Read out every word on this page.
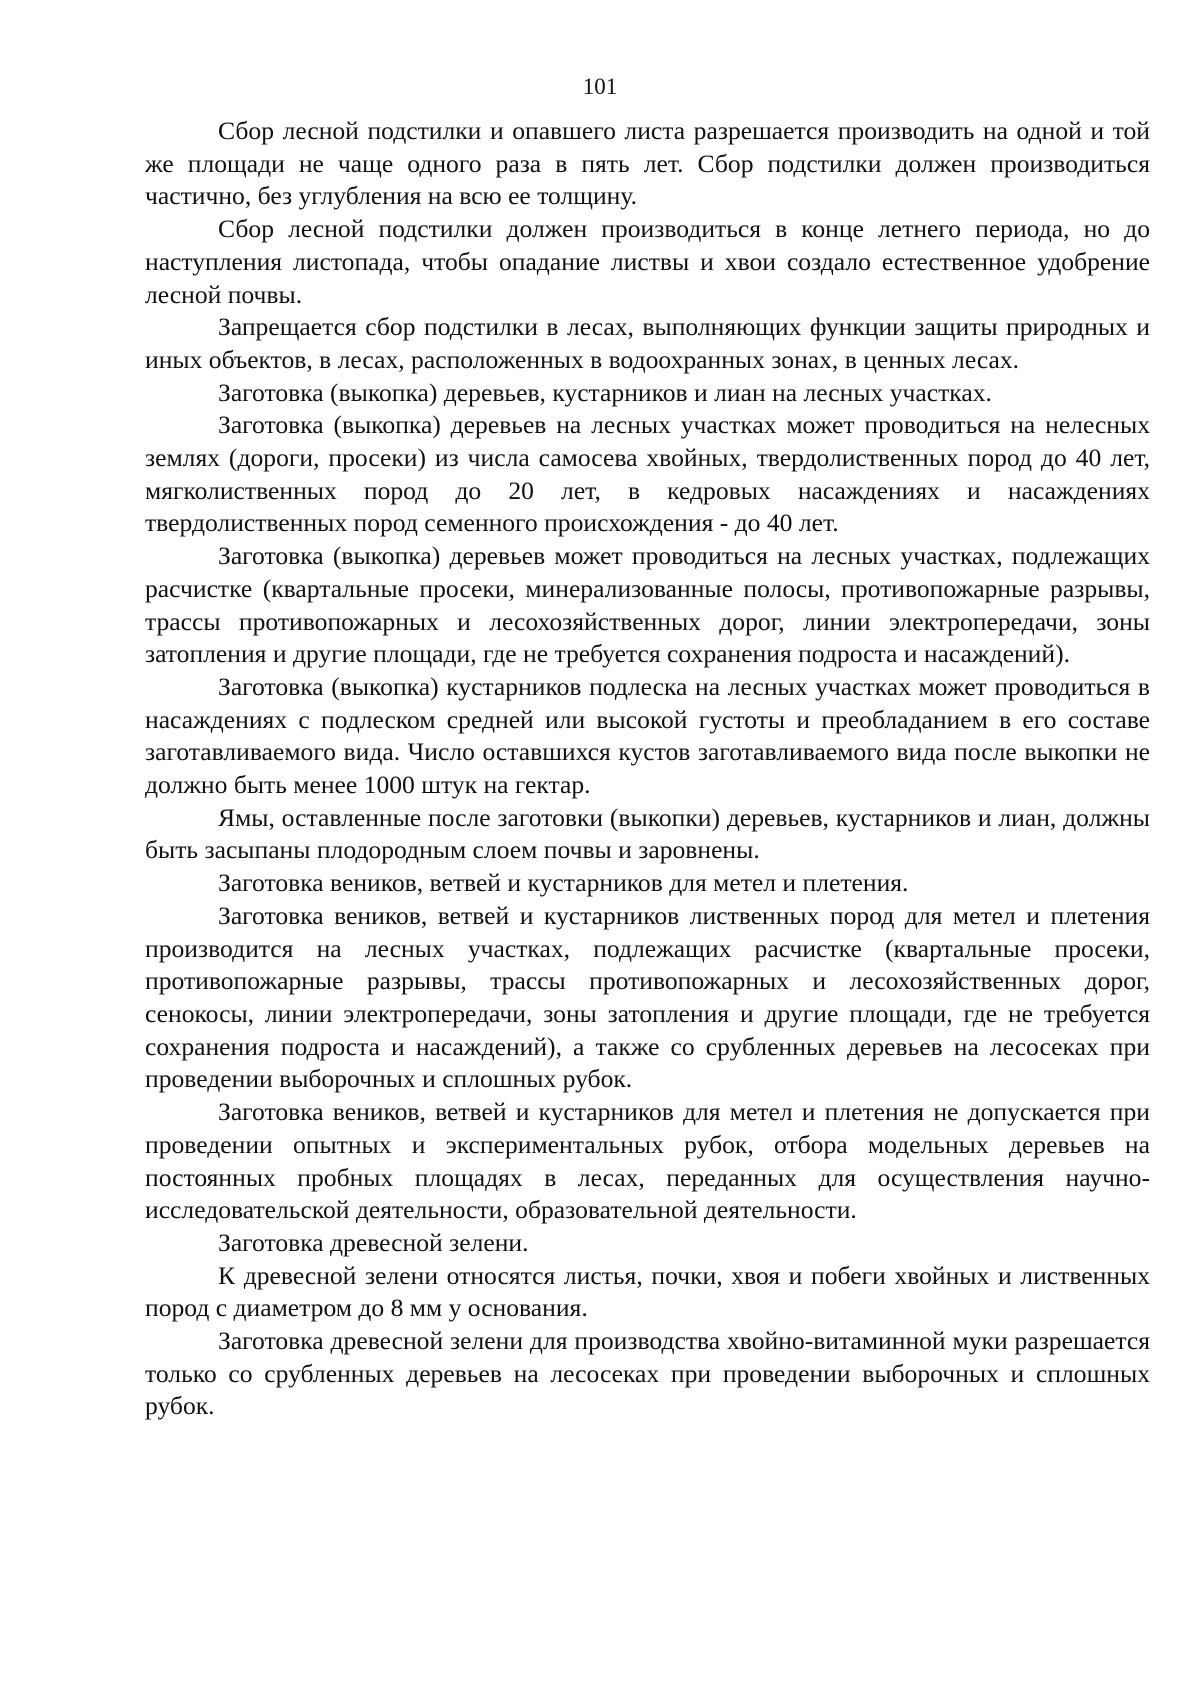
101

Сбор лесной подстилки и опавшего листа разрешается производить на одной и той же площади не чаще одного раза в пять лет. Сбор подстилки должен производиться частично, без углубления на всю ее толщину.

Сбор лесной подстилки должен производиться в конце летнего периода, но до наступления листопада, чтобы опадание листвы и хвои создало естественное удобрение лесной почвы.

Запрещается сбор подстилки в лесах, выполняющих функции защиты природных и иных объектов, в лесах, расположенных в водоохранных зонах, в ценных лесах.

Заготовка (выкопка) деревьев, кустарников и лиан на лесных участках.

Заготовка (выкопка) деревьев на лесных участках может проводиться на нелесных землях (дороги, просеки) из числа самосева хвойных, твердолиственных пород до 40 лет, мягколиственных пород до 20 лет, в кедровых насаждениях и насаждениях твердолиственных пород семенного происхождения - до 40 лет.

Заготовка (выкопка) деревьев может проводиться на лесных участках, подлежащих расчистке (квартальные просеки, минерализованные полосы, противопожарные разрывы, трассы противопожарных и лесохозяйственных дорог, линии электропередачи, зоны затопления и другие площади, где не требуется сохранения подроста и насаждений).

Заготовка (выкопка) кустарников подлеска на лесных участках может проводиться в насаждениях с подлеском средней или высокой густоты и преобладанием в его составе заготавливаемого вида. Число оставшихся кустов заготавливаемого вида после выкопки не должно быть менее 1000 штук на гектар.

Ямы, оставленные после заготовки (выкопки) деревьев, кустарников и лиан, должны быть засыпаны плодородным слоем почвы и заровнены.

Заготовка веников, ветвей и кустарников для метел и плетения.

Заготовка веников, ветвей и кустарников лиственных пород для метел и плетения производится на лесных участках, подлежащих расчистке (квартальные просеки, противопожарные разрывы, трассы противопожарных и лесохозяйственных дорог, сенокосы, линии электропередачи, зоны затопления и другие площади, где не требуется сохранения подроста и насаждений), а также со срубленных деревьев на лесосеках при проведении выборочных и сплошных рубок.

Заготовка веников, ветвей и кустарников для метел и плетения не допускается при проведении опытных и экспериментальных рубок, отбора модельных деревьев на постоянных пробных площадях в лесах, переданных для осуществления научно-исследовательской деятельности, образовательной деятельности.

Заготовка древесной зелени.

К древесной зелени относятся листья, почки, хвоя и побеги хвойных и лиственных пород с диаметром до 8 мм у основания.

Заготовка древесной зелени для производства хвойно-витаминной муки разрешается только со срубленных деревьев на лесосеках при проведении выборочных и сплошных рубок.
